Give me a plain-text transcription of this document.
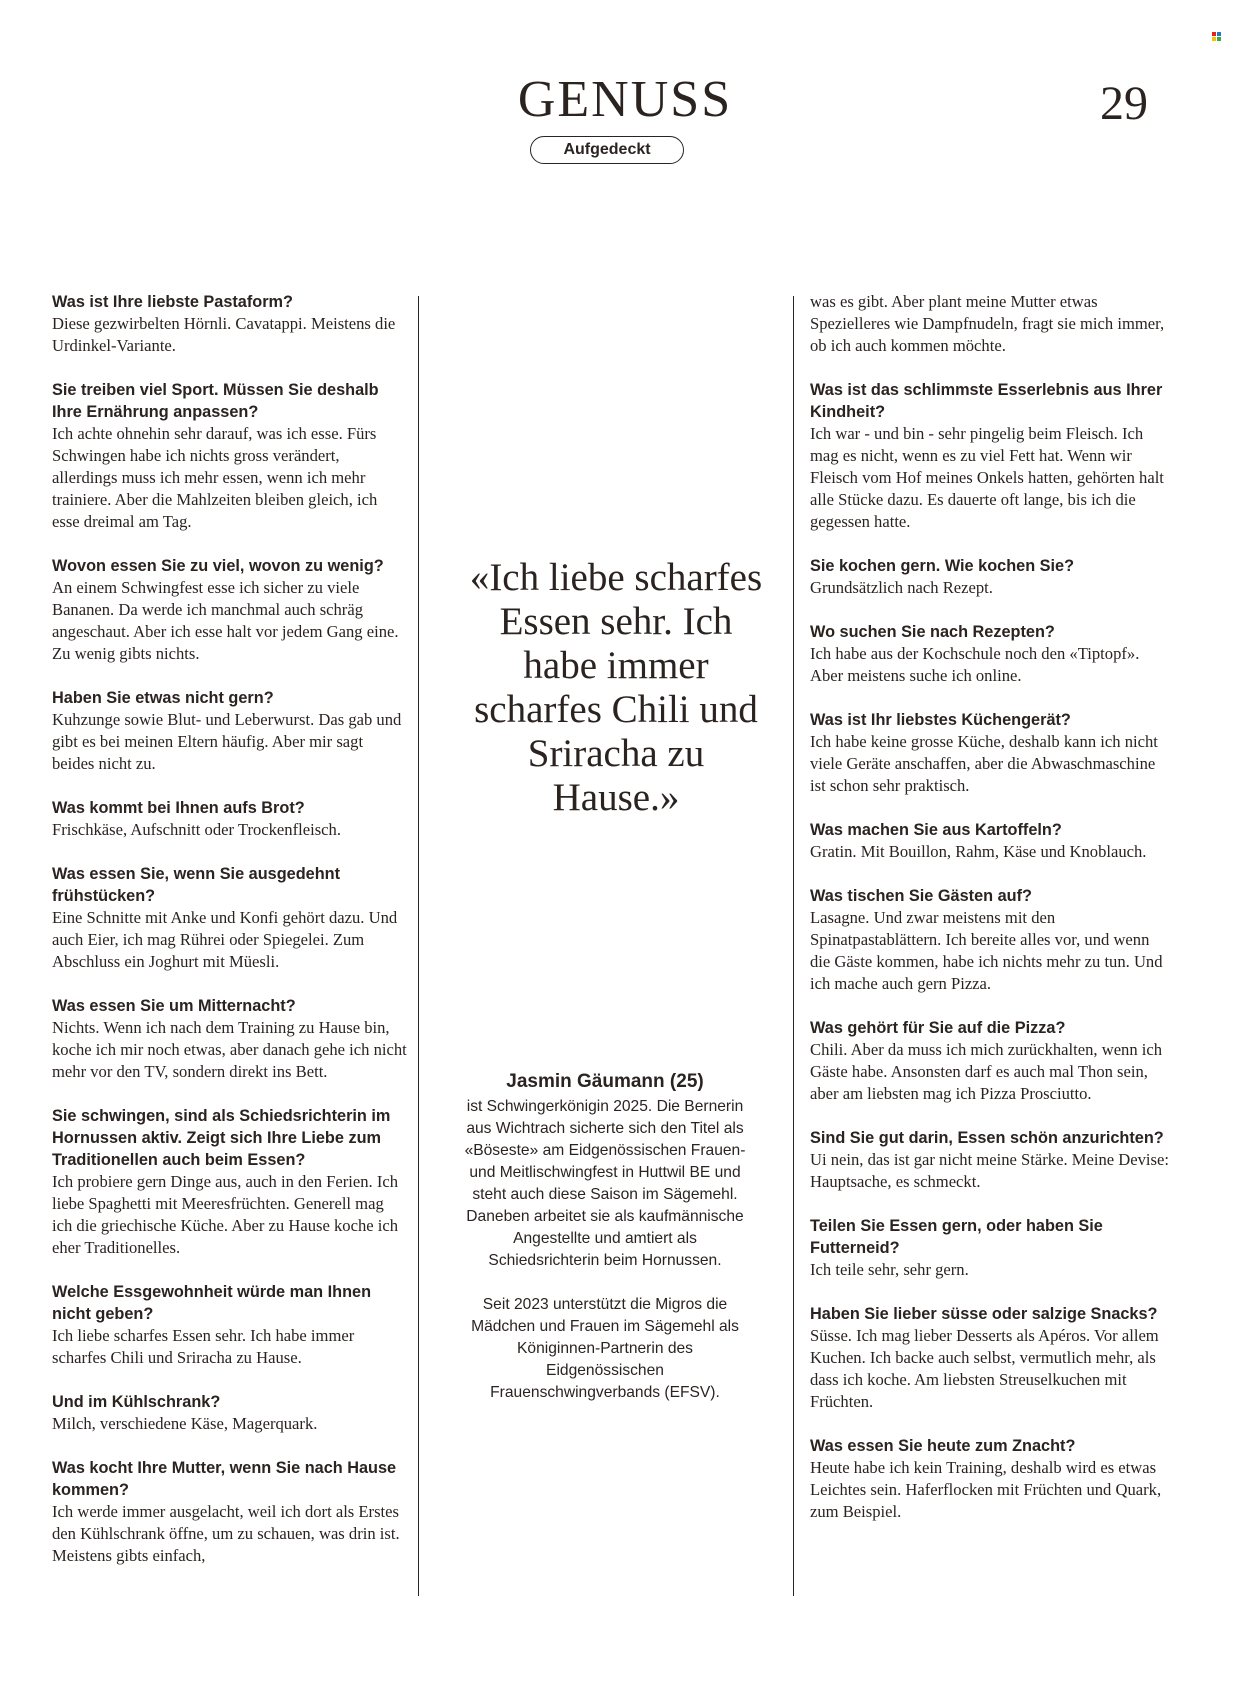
GENUSS
Aufgedeckt
29
Was ist Ihre liebste Pastaform?
Diese gezwirbelten Hörnli. Cavatappi. Meistens die Urdinkel-Variante.
Sie treiben viel Sport. Müssen Sie deshalb Ihre Ernährung anpassen?
Ich achte ohnehin sehr darauf, was ich esse. Fürs Schwingen habe ich nichts gross verändert, allerdings muss ich mehr essen, wenn ich mehr trainiere. Aber die Mahlzeiten bleiben gleich, ich esse dreimal am Tag.
Wovon essen Sie zu viel, wovon zu wenig?
An einem Schwingfest esse ich sicher zu viele Bananen. Da werde ich manchmal auch schräg angeschaut. Aber ich esse halt vor jedem Gang eine. Zu wenig gibts nichts.
Haben Sie etwas nicht gern?
Kuhzunge sowie Blut- und Leberwurst. Das gab und gibt es bei meinen Eltern häufig. Aber mir sagt beides nicht zu.
Was kommt bei Ihnen aufs Brot?
Frischkäse, Aufschnitt oder Trockenfleisch.
Was essen Sie, wenn Sie ausgedehnt frühstücken?
Eine Schnitte mit Anke und Konfi gehört dazu. Und auch Eier, ich mag Rührei oder Spiegelei. Zum Abschluss ein Joghurt mit Müesli.
Was essen Sie um Mitternacht?
Nichts. Wenn ich nach dem Training zu Hause bin, koche ich mir noch etwas, aber danach gehe ich nicht mehr vor den TV, sondern direkt ins Bett.
Sie schwingen, sind als Schiedsrichterin im Hornussen aktiv. Zeigt sich Ihre Liebe zum Traditionellen auch beim Essen?
Ich probiere gern Dinge aus, auch in den Ferien. Ich liebe Spaghetti mit Meeresfrüchten. Generell mag ich die griechische Küche. Aber zu Hause koche ich eher Traditionelles.
Welche Essgewohnheit würde man Ihnen nicht geben?
Ich liebe scharfes Essen sehr. Ich habe immer scharfes Chili und Sriracha zu Hause.
Und im Kühlschrank?
Milch, verschiedene Käse, Magerquark.
Was kocht Ihre Mutter, wenn Sie nach Hause kommen?
Ich werde immer ausgelacht, weil ich dort als Erstes den Kühlschrank öffne, um zu schauen, was drin ist. Meistens gibts einfach,
«Ich liebe scharfes Essen sehr. Ich habe immer scharfes Chili und Sriracha zu Hause.»
Jasmin Gäumann (25)
ist Schwingerkönigin 2025. Die Bernerin aus Wichtrach sicherte sich den Titel als «Böseste» am Eidgenössischen Frauen- und Meitlischwingfest in Huttwil BE und steht auch diese Saison im Sägemehl. Daneben arbeitet sie als kaufmännische Angestellte und amtiert als Schiedsrichterin beim Hornussen.
Seit 2023 unterstützt die Migros die Mädchen und Frauen im Sägemehl als Königinnen-Partnerin des Eidgenössischen Frauenschwingverbands (EFSV).
was es gibt. Aber plant meine Mutter etwas Spezielleres wie Dampfnudeln, fragt sie mich immer, ob ich auch kommen möchte.
Was ist das schlimmste Esserlebnis aus Ihrer Kindheit?
Ich war - und bin - sehr pingelig beim Fleisch. Ich mag es nicht, wenn es zu viel Fett hat. Wenn wir Fleisch vom Hof meines Onkels hatten, gehörten halt alle Stücke dazu. Es dauerte oft lange, bis ich die gegessen hatte.
Sie kochen gern. Wie kochen Sie?
Grundsätzlich nach Rezept.
Wo suchen Sie nach Rezepten?
Ich habe aus der Kochschule noch den «Tiptopf». Aber meistens suche ich online.
Was ist Ihr liebstes Küchengerät?
Ich habe keine grosse Küche, deshalb kann ich nicht viele Geräte anschaffen, aber die Abwaschmaschine ist schon sehr praktisch.
Was machen Sie aus Kartoffeln?
Gratin. Mit Bouillon, Rahm, Käse und Knoblauch.
Was tischen Sie Gästen auf?
Lasagne. Und zwar meistens mit den Spinatpastablättern. Ich bereite alles vor, und wenn die Gäste kommen, habe ich nichts mehr zu tun. Und ich mache auch gern Pizza.
Was gehört für Sie auf die Pizza?
Chili. Aber da muss ich mich zurückhalten, wenn ich Gäste habe. Ansonsten darf es auch mal Thon sein, aber am liebsten mag ich Pizza Prosciutto.
Sind Sie gut darin, Essen schön anzurichten?
Ui nein, das ist gar nicht meine Stärke. Meine Devise: Hauptsache, es schmeckt.
Teilen Sie Essen gern, oder haben Sie Futterneid?
Ich teile sehr, sehr gern.
Haben Sie lieber süsse oder salzige Snacks?
Süsse. Ich mag lieber Desserts als Apéros. Vor allem Kuchen. Ich backe auch selbst, vermutlich mehr, als dass ich koche. Am liebsten Streuselkuchen mit Früchten.
Was essen Sie heute zum Znacht?
Heute habe ich kein Training, deshalb wird es etwas Leichtes sein. Haferflocken mit Früchten und Quark, zum Beispiel.
